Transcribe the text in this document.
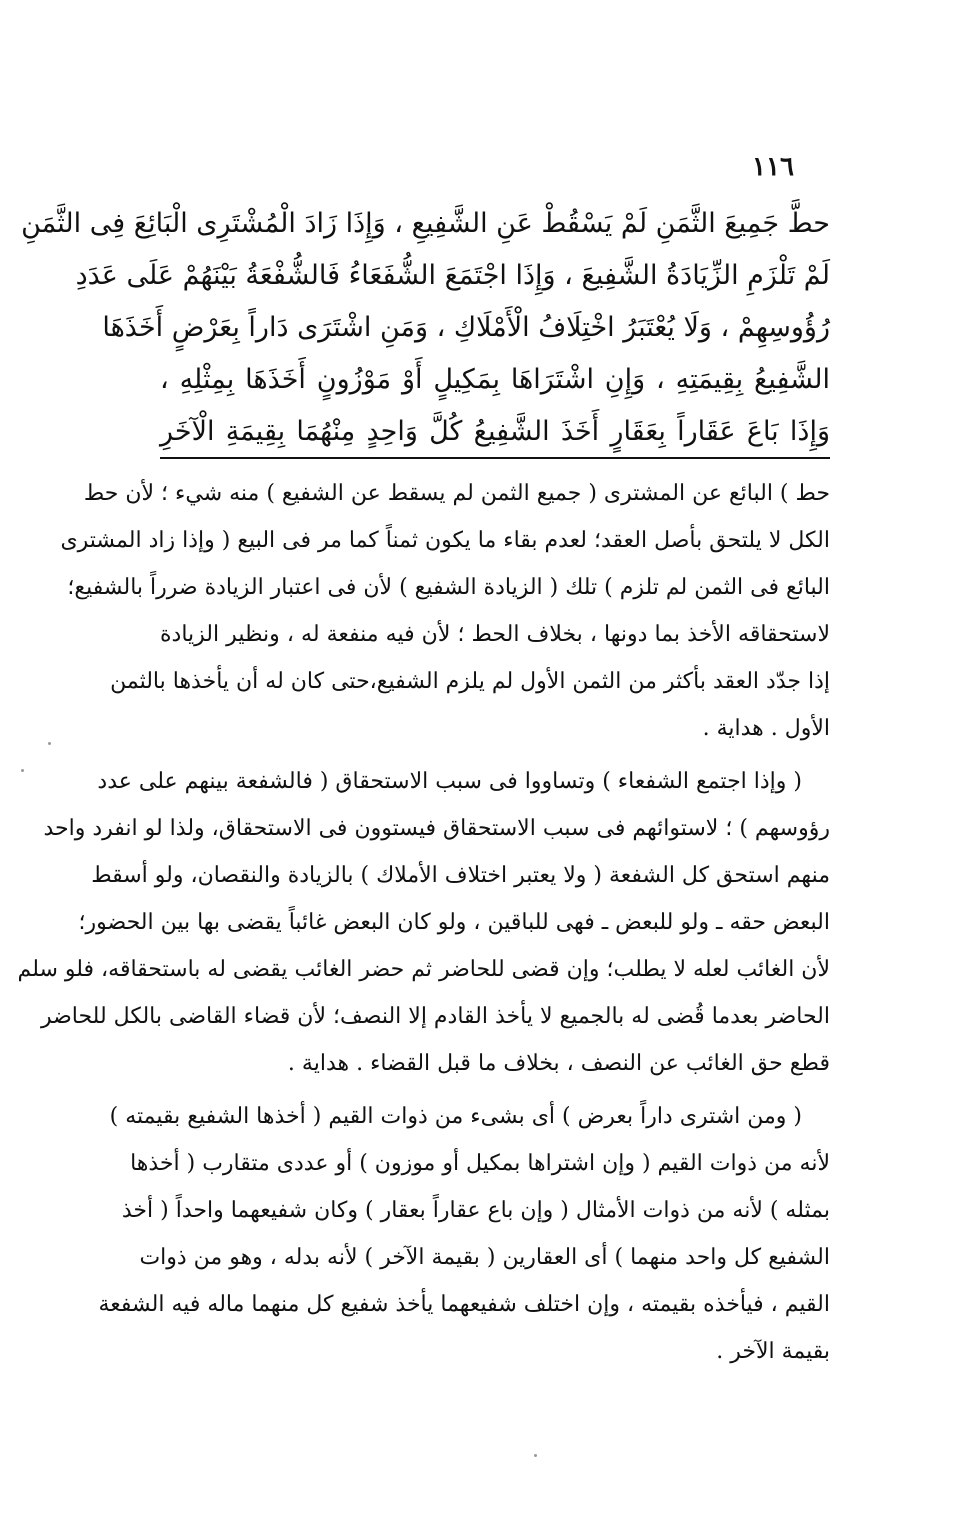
١١٦
حطَّ جَمِيعَ الثَّمَنِ لَمْ يَسْقُطْ عَنِ الشَّفِيعِ ، وَإِذَا زَادَ الْمُشْتَرِى الْبَائِعَ فِى الثَّمَنِ
لَمْ تَلْزَمِ الزِّيَادَةُ الشَّفِيعَ ، وَإِذَا اجْتَمَعَ الشُّفَعَاءُ فَالشُّفْعَةُ بَيْنَهُمْ عَلَى عَدَدِ
رُؤُوسِهِمْ ، وَلَا يُعْتَبَرُ اخْتِلَافُ الْأَمْلَاكِ ، وَمَنِ اشْتَرَى دَاراً بِعَرْضٍ أَخَذَهَا
الشَّفِيعُ بِقِيمَتِهِ ، وَإِنِ اشْتَرَاهَا بِمَكِيلٍ أَوْ مَوْزُونٍ أَخَذَهَا بِمِثْلِهِ ،
وَإِذَا بَاعَ عَقَاراً بِعَقَارٍ أَخَذَ الشَّفِيعُ كُلَّ وَاحِدٍ مِنْهُمَا بِقِيمَةِ الْآخَرِ
حط ) البائع عن المشترى ( جميع الثمن لم يسقط عن الشفيع ) منه شيء ؛ لأن حط
الكل لا يلتحق بأصل العقد؛ لعدم بقاء ما يكون ثمناً كما مر فى البيع ( وإذا زاد المشترى
البائع فى الثمن لم تلزم ) تلك ( الزيادة الشفيع ) لأن فى اعتبار الزيادة ضرراً بالشفيع؛
لاستحقاقه الأخذ بما دونها ، بخلاف الحط ؛ لأن فيه منفعة له ، ونظير الزيادة
إذا جدّد العقد بأكثر من الثمن الأول لم يلزم الشفيع،حتى كان له أن يأخذها بالثمن
الأول . هداية .
( وإذا اجتمع الشفعاء ) وتساووا فى سبب الاستحقاق ( فالشفعة بينهم على عدد
رؤوسهم ) ؛ لاستوائهم فى سبب الاستحقاق فيستوون فى الاستحقاق، ولذا لو انفرد واحد
منهم استحق كل الشفعة ( ولا يعتبر اختلاف الأملاك ) بالزيادة والنقصان، ولو أسقط
البعض حقه ـ ولو للبعض ـ فهى للباقين ، ولو كان البعض غائباً يقضى بها بين الحضور؛
لأن الغائب لعله لا يطلب؛ وإن قضى للحاضر ثم حضر الغائب يقضى له باستحقاقه، فلو سلم
الحاضر بعدما قُضى له بالجميع لا يأخذ القادم إلا النصف؛ لأن قضاء القاضى بالكل للحاضر
قطع حق الغائب عن النصف ، بخلاف ما قبل القضاء . هداية .
( ومن اشترى داراً بعرض ) أى بشىء من ذوات القيم ( أخذها الشفيع بقيمته )
لأنه من ذوات القيم ( وإن اشتراها بمكيل أو موزون ) أو عددى متقارب ( أخذها
بمثله ) لأنه من ذوات الأمثال ( وإن باع عقاراً بعقار ) وكان شفيعهما واحداً ( أخذ
الشفيع كل واحد منهما ) أى العقارين ( بقيمة الآخر ) لأنه بدله ، وهو من ذوات
القيم ، فيأخذه بقيمته ، وإن اختلف شفيعهما يأخذ شفيع كل منهما ماله فيه الشفعة
بقيمة الآخر .
